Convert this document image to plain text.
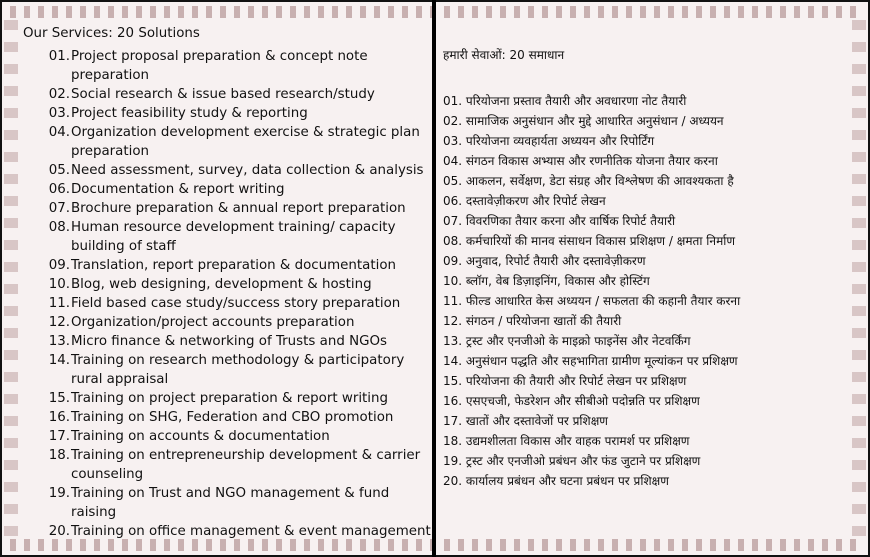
Our Services: 20 Solutions
01. Project proposal preparation & concept note preparation
02. Social research & issue based research/study
03. Project feasibility study & reporting
04. Organization development exercise & strategic plan preparation
05. Need assessment, survey, data collection & analysis
06. Documentation & report writing
07. Brochure preparation & annual report preparation
08. Human resource development training/ capacity building of staff
09. Translation, report preparation & documentation
10. Blog, web designing, development & hosting
11. Field based case study/success story preparation
12. Organization/project accounts preparation
13. Micro finance & networking of Trusts and NGOs
14. Training on research methodology & participatory rural appraisal
15. Training on project preparation & report writing
16. Training on SHG, Federation and CBO promotion
17. Training on accounts & documentation
18. Training on entrepreneurship development & carrier counseling
19. Training on Trust and NGO management & fund raising
20. Training on office management & event management
हमारी सेवाओं: 20 समाधान
01. परियोजना प्रस्ताव तैयारी और अवधारणा नोट तैयारी
02. सामाजिक अनुसंधान और मुद्दे आधारित अनुसंधान / अध्ययन
03. परियोजना व्यवहार्यता अध्ययन और रिपोर्टिंग
04. संगठन विकास अभ्यास और रणनीतिक योजना तैयार करना
05. आकलन, सर्वेक्षण, डेटा संग्रह और विश्लेषण की आवश्यकता है
06. दस्तावेज़ीकरण और रिपोर्ट लेखन
07. विवरणिका तैयार करना और वार्षिक रिपोर्ट तैयारी
08. कर्मचारियों की मानव संसाधन विकास प्रशिक्षण / क्षमता निर्माण
09. अनुवाद, रिपोर्ट तैयारी और दस्तावेज़ीकरण
10. ब्लॉग, वेब डिज़ाइनिंग, विकास और होस्टिंग
11. फील्ड आधारित केस अध्ययन / सफलता की कहानी तैयार करना
12. संगठन / परियोजना खातों की तैयारी
13. ट्रस्ट और एनजीओ के माइक्रो फाइनेंस और नेटवर्किंग
14. अनुसंधान पद्धति और सहभागिता ग्रामीण मूल्यांकन पर प्रशिक्षण
15. परियोजना की तैयारी और रिपोर्ट लेखन पर प्रशिक्षण
16. एसएचजी, फेडरेशन और सीबीओ पदोन्नति पर प्रशिक्षण
17. खातों और दस्तावेजों पर प्रशिक्षण
18. उद्यमशीलता विकास और वाहक परामर्श पर प्रशिक्षण
19. ट्रस्ट और एनजीओ प्रबंधन और फंड जुटाने पर प्रशिक्षण
20. कार्यालय प्रबंधन और घटना प्रबंधन पर प्रशिक्षण
